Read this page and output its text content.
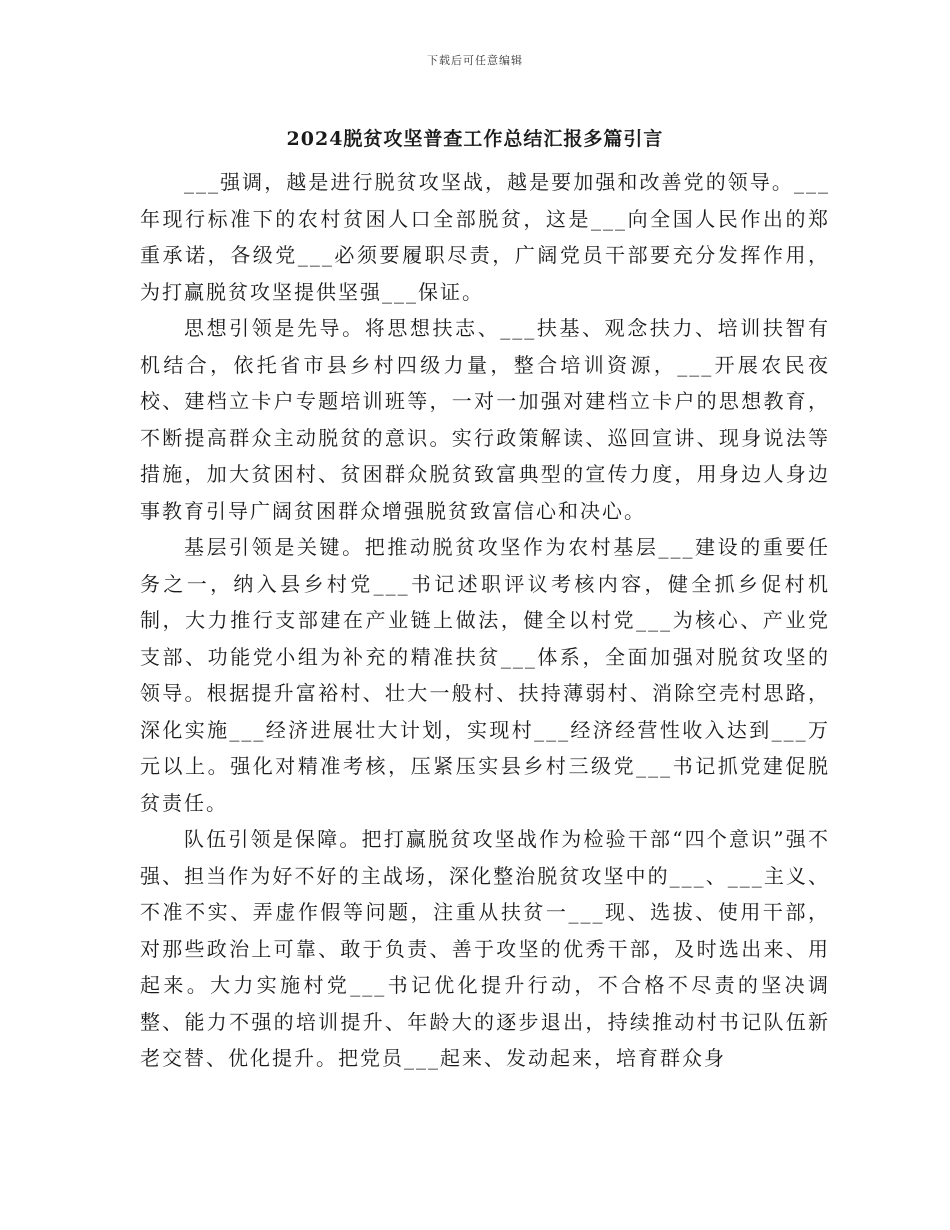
下载后可任意编辑
2024脱贫攻坚普查工作总结汇报多篇引言

___强调，越是进行脱贫攻坚战，越是要加强和改善党的领导。___年现行标准下的农村贫困人口全部脱贫，这是___向全国人民作出的郑重承诺，各级党___必须要履职尽责，广阔党员干部要充分发挥作用，为打赢脱贫攻坚提供坚强___保证。

思想引领是先导。将思想扶志、___扶基、观念扶力、培训扶智有机结合，依托省市县乡村四级力量，整合培训资源，___开展农民夜校、建档立卡户专题培训班等，一对一加强对建档立卡户的思想教育，不断提高群众主动脱贫的意识。实行政策解读、巡回宣讲、现身说法等措施，加大贫困村、贫困群众脱贫致富典型的宣传力度，用身边人身边事教育引导广阔贫困群众增强脱贫致富信心和决心。

基层引领是关键。把推动脱贫攻坚作为农村基层___建设的重要任务之一，纳入县乡村党___书记述职评议考核内容，健全抓乡促村机制，大力推行支部建在产业链上做法，健全以村党___为核心、产业党支部、功能党小组为补充的精准扶贫___体系，全面加强对脱贫攻坚的领导。根据提升富裕村、壮大一般村、扶持薄弱村、消除空壳村思路，深化实施___经济进展壮大计划，实现村___经济经营性收入达到___万元以上。强化对精准考核，压紧压实县乡村三级党___书记抓党建促脱贫责任。

队伍引领是保障。把打赢脱贫攻坚战作为检验干部“四个意识”强不强、担当作为好不好的主战场，深化整治脱贫攻坚中的___、___主义、不准不实、弄虚作假等问题，注重从扶贫一___现、选拔、使用干部，对那些政治上可靠、敢于负责、善于攻坚的优秀干部，及时选出来、用起来。大力实施村党___书记优化提升行动，不合格不尽责的坚决调整、能力不强的培训提升、年龄大的逐步退出，持续推动村书记队伍新老交替、优化提升。把党员___起来、发动起来，培育群众身
